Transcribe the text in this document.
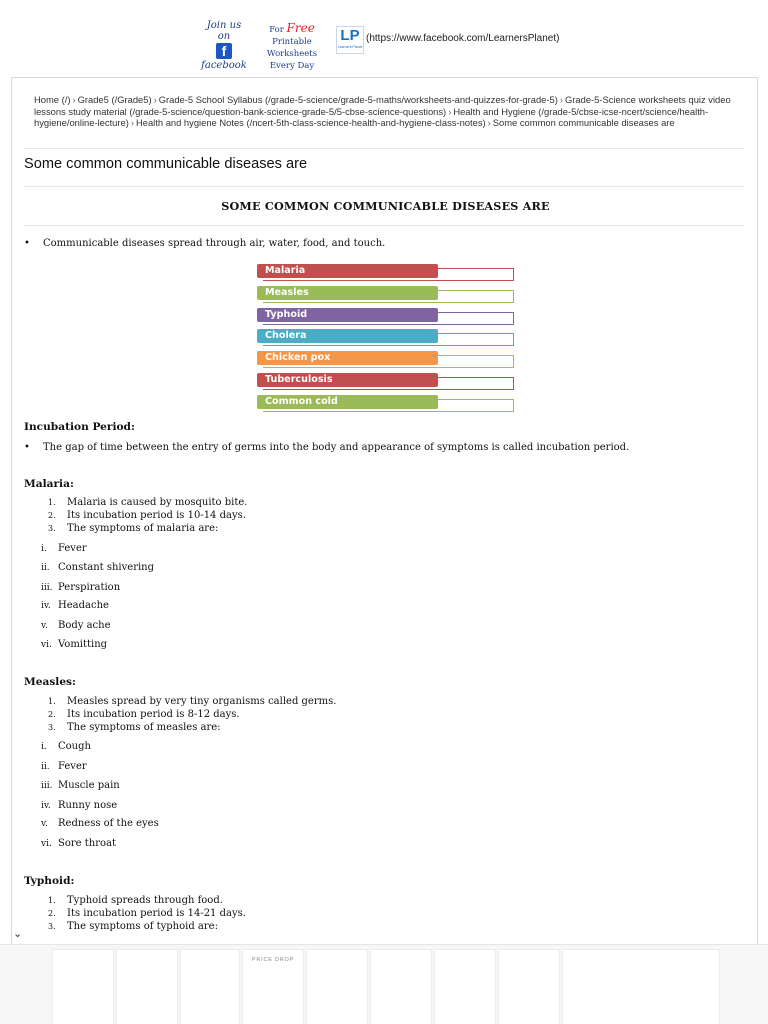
Join us on
f
facebook
For Free
Printable Worksheets
Every Day
LP
Learners Planet
(https://www.facebook.com/LearnersPlanet)
Home (/) › Grade5 (/Grade5) › Grade-5 School Syllabus (/grade-5-science/grade-5-maths/worksheets-and-quizzes-for-grade-5) › Grade-5-Science worksheets quiz video lessons study material (/grade-5-science/question-bank-science-grade-5/5-cbse-science-questions) › Health and Hygiene (/grade-5/cbse-icse-ncert/science/health-hygiene/online-lecture) › Health and hygiene Notes (/ncert-5th-class-science-health-and-hygiene-class-notes) › Some common communicable diseases are
Some common communicable diseases are
SOME COMMON COMMUNICABLE DISEASES ARE
• Communicable diseases spread through air, water, food, and touch.
Malaria
Measles
Typhoid
Cholera
Chicken pox
Tuberculosis
Common cold
Incubation Period:
• The gap of time between the entry of germs into the body and appearance of symptoms is called incubation period.
Malaria:
1. Malaria is caused by mosquito bite.
2. Its incubation period is 10-14 days.
3. The symptoms of malaria are:
i. Fever
ii. Constant shivering
iii. Perspiration
iv. Headache
v. Body ache
vi. Vomitting
Measles:
1. Measles spread by very tiny organisms called germs.
2. Its incubation period is 8-12 days.
3. The symptoms of measles are:
i. Cough
ii. Fever
iii. Muscle pain
iv. Runny nose
v. Redness of the eyes
vi. Sore throat
Typhoid:
1. Typhoid spreads through food.
2. Its incubation period is 14-21 days.
3. The symptoms of typhoid are:
⌄
PRICE DROP
